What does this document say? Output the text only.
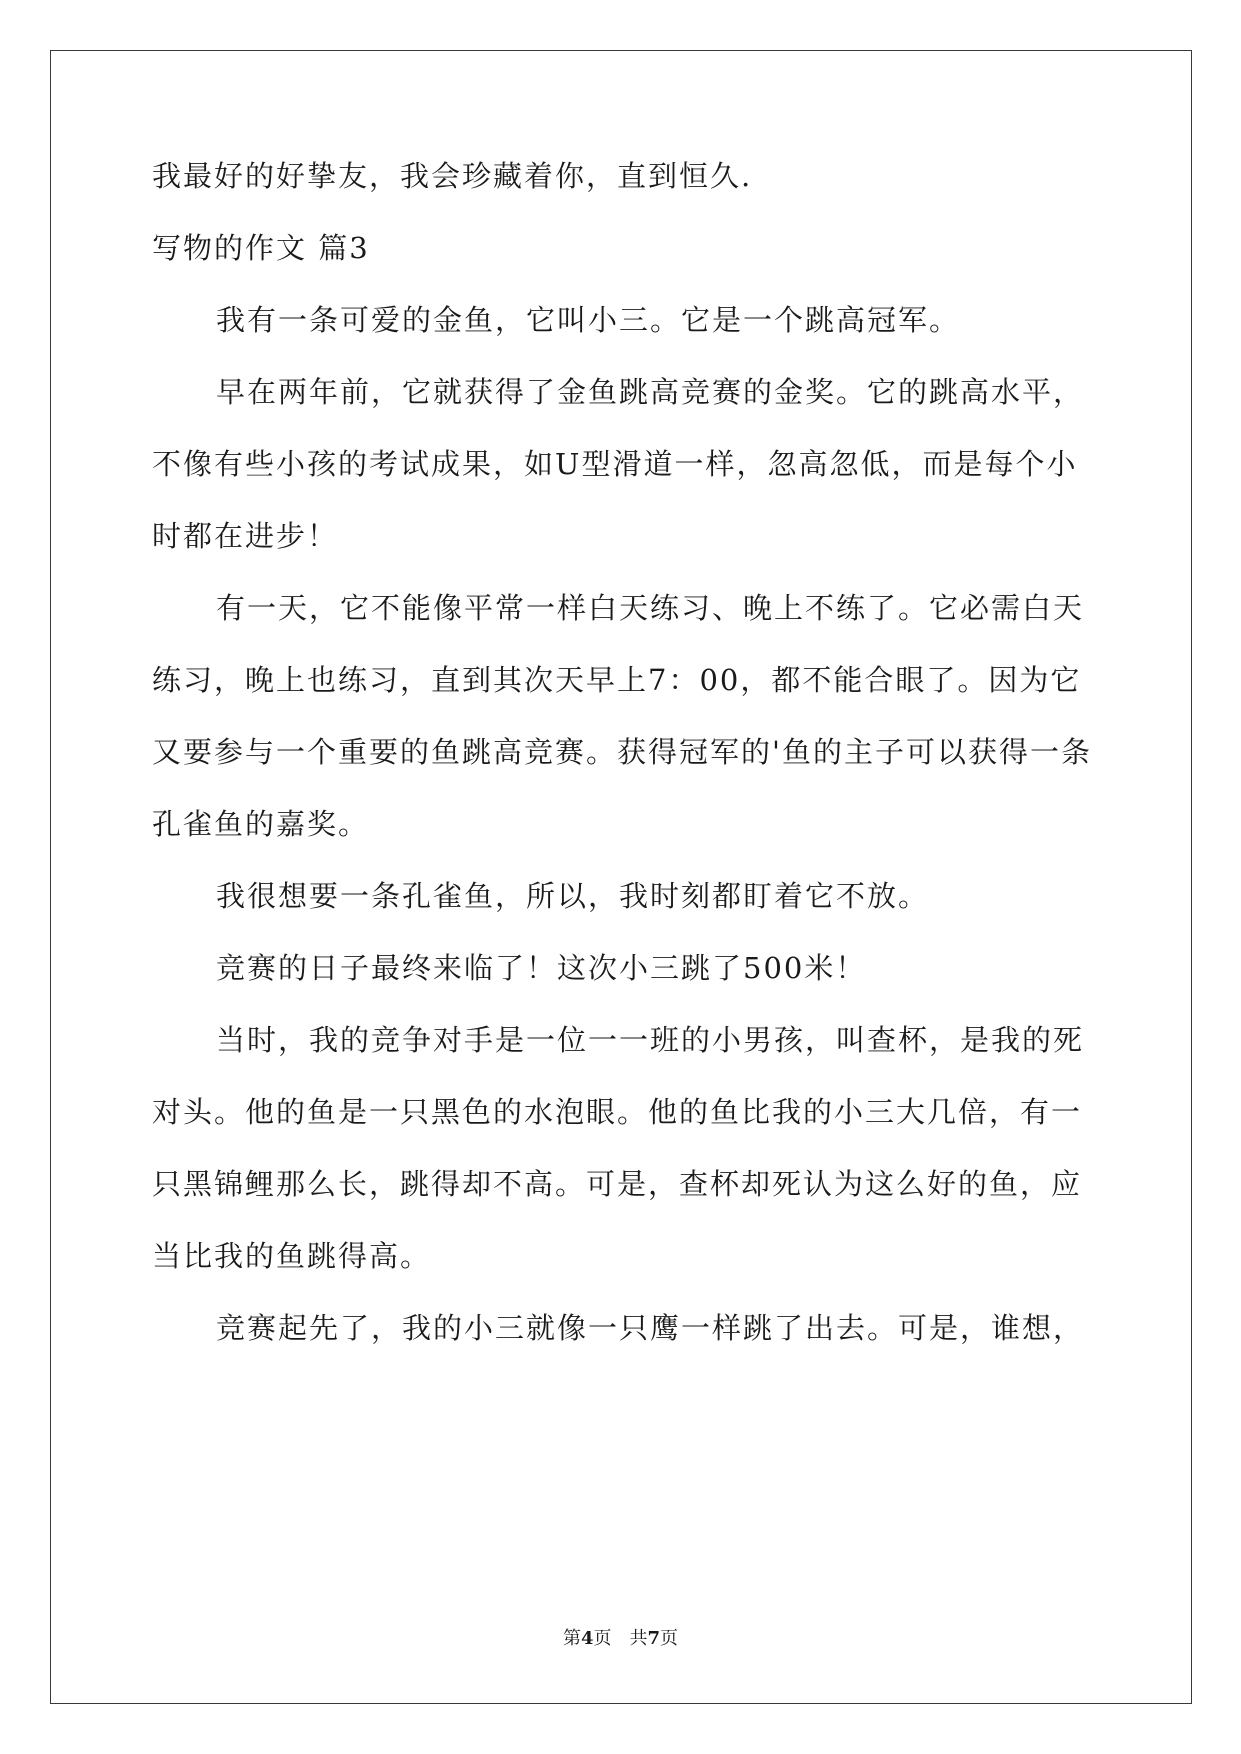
我最好的好挚友，我会珍藏着你，直到恒久.
写物的作文 篇3
我有一条可爱的金鱼，它叫小三。它是一个跳高冠军。
早在两年前，它就获得了金鱼跳高竞赛的金奖。它的跳高水平，
不像有些小孩的考试成果，如U型滑道一样，忽高忽低，而是每个小
时都在进步！
有一天，它不能像平常一样白天练习、晚上不练了。它必需白天
练习，晚上也练习，直到其次天早上7：00，都不能合眼了。因为它
又要参与一个重要的鱼跳高竞赛。获得冠军的'鱼的主子可以获得一条
孔雀鱼的嘉奖。
我很想要一条孔雀鱼，所以，我时刻都盯着它不放。
竞赛的日子最终来临了！这次小三跳了500米！
当时，我的竞争对手是一位一一班的小男孩，叫查杯，是我的死
对头。他的鱼是一只黑色的水泡眼。他的鱼比我的小三大几倍，有一
只黑锦鲤那么长，跳得却不高。可是，查杯却死认为这么好的鱼，应
当比我的鱼跳得高。
竞赛起先了，我的小三就像一只鹰一样跳了出去。可是，谁想，
第4页　共7页
